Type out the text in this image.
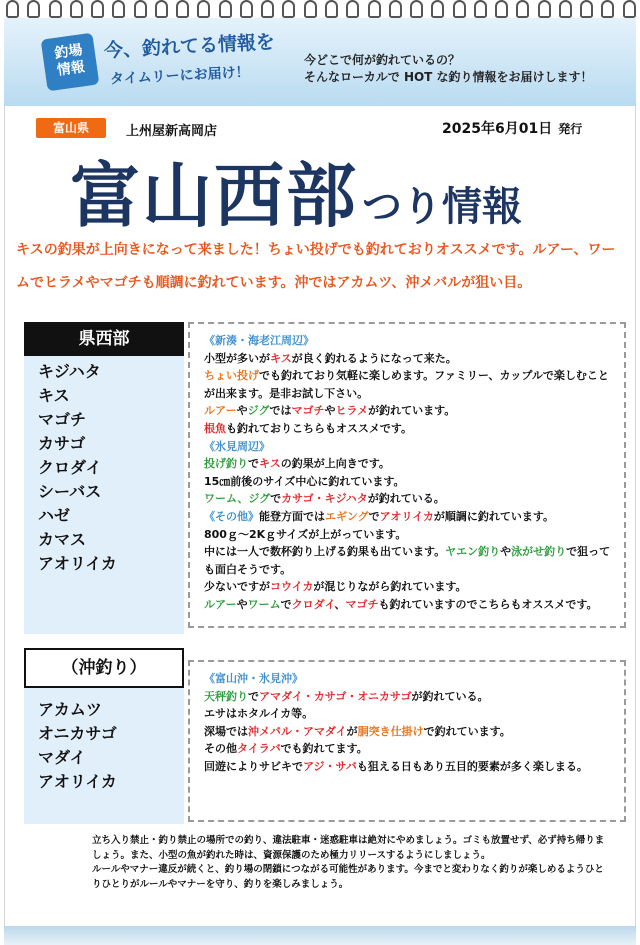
釣場
情報
今、釣れてる情報を
タイムリーにお届け！
今どこで何が釣れているの？
そんなローカルで HOT な釣り情報をお届けします！
富山県	上州屋新高岡店	2025年6月01日 発行
富山西部 つり情報
キスの釣果が上向きになって来ました！ちょい投げでも釣れておりオススメです。ルアー、ワームでヒラメやマゴチも順調に釣れています。沖ではアカムツ、沖メバルが狙い目。
県西部
キジハタ
キス
マゴチ
カサゴ
クロダイ
シーバス
ハゼ
カマス
アオリイカ
（沖釣り）
アカムツ
オニカサゴ
マダイ
アオリイカ

《新湊・海老江周辺》

小型が多いがキスが良く釣れるようになって来た。

ちょい投げでも釣れており気軽に楽しめます。ファミリー、カップルで楽しむことが出来ます。是非お試し下さい。

ルアーやジグではマゴチやヒラメが釣れています。

根魚も釣れておりこちらもオススメです。

《氷見周辺》

投げ釣りでキスの釣果が上向きです。

15㎝前後のサイズ中心に釣れています。

ワーム、ジグでカサゴ・キジハタが釣れている。

《その他》能登方面ではエギングでアオリイカが順調に釣れています。

800ｇ～2Kｇサイズが上がっています。

中には一人で数杯釣り上げる釣果も出ています。ヤエン釣りや泳がせ釣りで狙っても面白そうです。

少ないですがコウイカが混じりながら釣れています。

ルアーやワームでクロダイ、マゴチも釣れていますのでこちらもオススメです。

《富山沖・氷見沖》

天秤釣りでアマダイ・カサゴ・オニカサゴが釣れている。

エサはホタルイカ等。

深場では沖メバル・アマダイが胴突き仕掛けで釣れています。

その他タイラバでも釣れてます。

回遊によりサビキでアジ・サバも狙える日もあり五目的要素が多く楽しまる。

立ち入り禁止・釣り禁止の場所での釣り、違法駐車・迷惑駐車は絶対にやめましょう。ゴミも放置せず、必ず持ち帰りましょう。また、小型の魚が釣れた時は、資源保護のため極力リリースするようにしましょう。

ルールやマナー違反が続くと、釣り場の閉鎖につながる可能性があります。今までと変わりなく釣りが楽しめるようひとりひとりがルールやマナーを守り、釣りを楽しみましょう。
